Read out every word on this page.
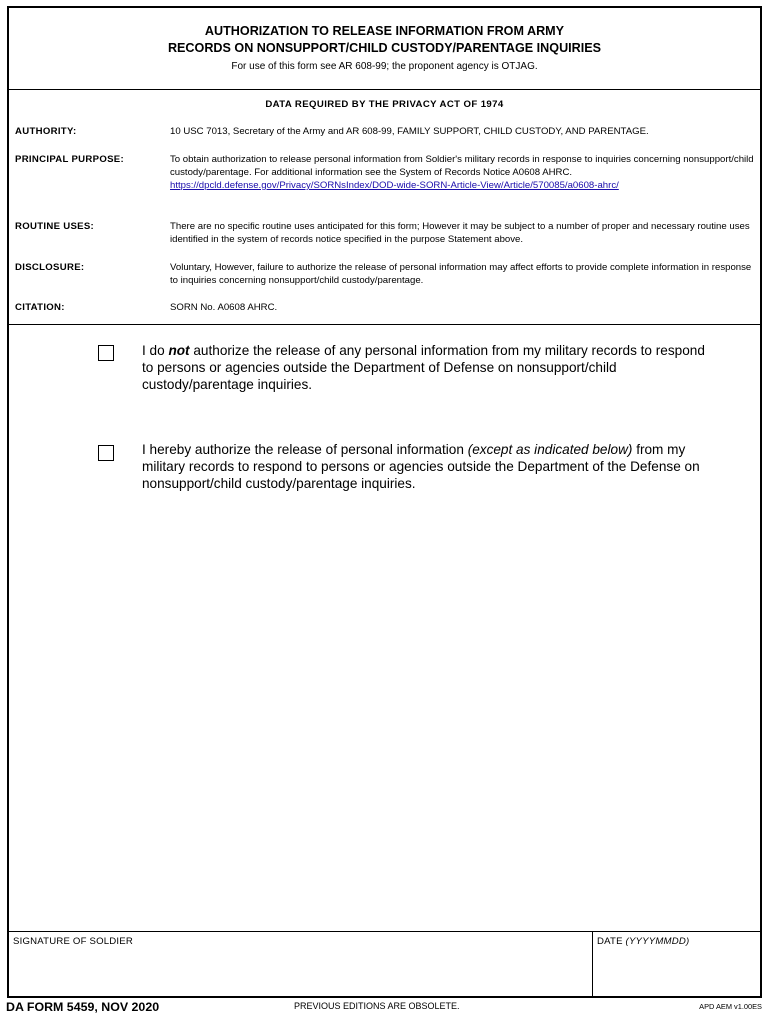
AUTHORIZATION TO RELEASE INFORMATION FROM ARMY
RECORDS ON NONSUPPORT/CHILD CUSTODY/PARENTAGE INQUIRIES
For use of this form see AR 608-99; the proponent agency is OTJAG.
DATA REQUIRED BY THE PRIVACY ACT OF 1974
AUTHORITY:	10 USC 7013, Secretary of the Army and AR 608-99, FAMILY SUPPORT, CHILD CUSTODY, AND PARENTAGE.
PRINCIPAL PURPOSE:	To obtain authorization to release personal information from Soldier's military records in response to inquiries concerning nonsupport/child custody/parentage. For additional information see the System of Records Notice A0608 AHRC.
https://dpcld.defense.gov/Privacy/SORNsIndex/DOD-wide-SORN-Article-View/Article/570085/a0608-ahrc/
ROUTINE USES:	There are no specific routine uses anticipated for this form; However it may be subject to a number of proper and necessary routine uses identified in the system of records notice specified in the purpose Statement above.
DISCLOSURE:	Voluntary, However, failure to authorize the release of personal information may affect efforts to provide complete information in response to inquiries concerning nonsupport/child custody/parentage.
CITATION:	SORN No. A0608 AHRC.
I do not authorize the release of any personal information from my military records to respond to persons or agencies outside the Department of Defense on nonsupport/child custody/parentage inquiries.
I hereby authorize the release of personal information (except as indicated below) from my military records to respond to persons or agencies outside the Department of the Defense on nonsupport/child custody/parentage inquiries.
SIGNATURE OF SOLDIER	DATE (YYYYMMDD)
DA FORM 5459, NOV 2020	PREVIOUS EDITIONS ARE OBSOLETE.	APD AEM v1.00ES
